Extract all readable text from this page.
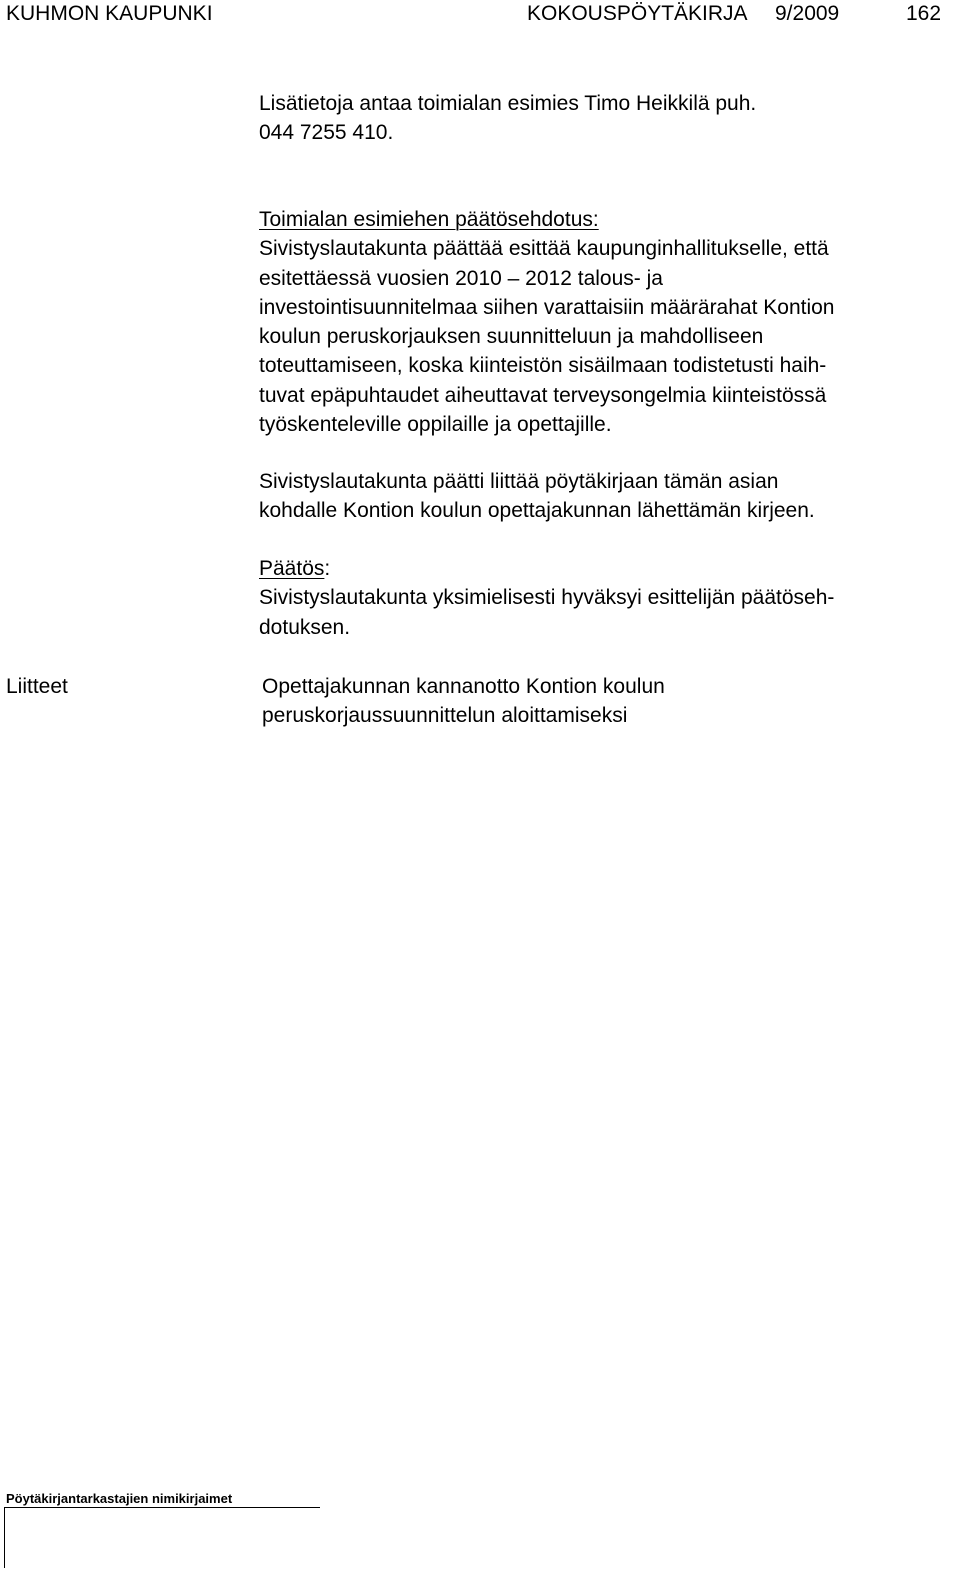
KUHMON KAUPUNKI	KOKOUSPÖYTÄKIRJA 9/2009	162
Lisätietoja antaa toimialan esimies Timo Heikkilä puh.
044 7255 410.
Toimialan esimiehen päätösehdotus:
Sivistyslautakunta päättää esittää kaupunginhallitukselle, että
esitettäessä vuosien 2010 – 2012 talous- ja
investointisuunnitelmaa siihen varattaisiin määrärahat Kontion
koulun peruskorjauksen suunnitteluun ja mahdolliseen
toteuttamiseen, koska kiinteistön sisäilmaan todistetusti haih-
tuvat epäpuhtaudet aiheuttavat terveysongelmia kiinteistössä
työskenteleville oppilaille ja opettajille.
Sivistyslautakunta päätti liittää pöytäkirjaan tämän asian
kohdalle Kontion koulun opettajakunnan lähettämän kirjeen.
Päätös:
Sivistyslautakunta yksimielisesti hyväksyi esittelijän päätöseh-
dotuksen.
Liitteet	Opettajakunnan kannanotto Kontion koulun
peruskorjaussuunnittelun aloittamiseksi
Pöytäkirjantarkastajien nimikirjaimet
